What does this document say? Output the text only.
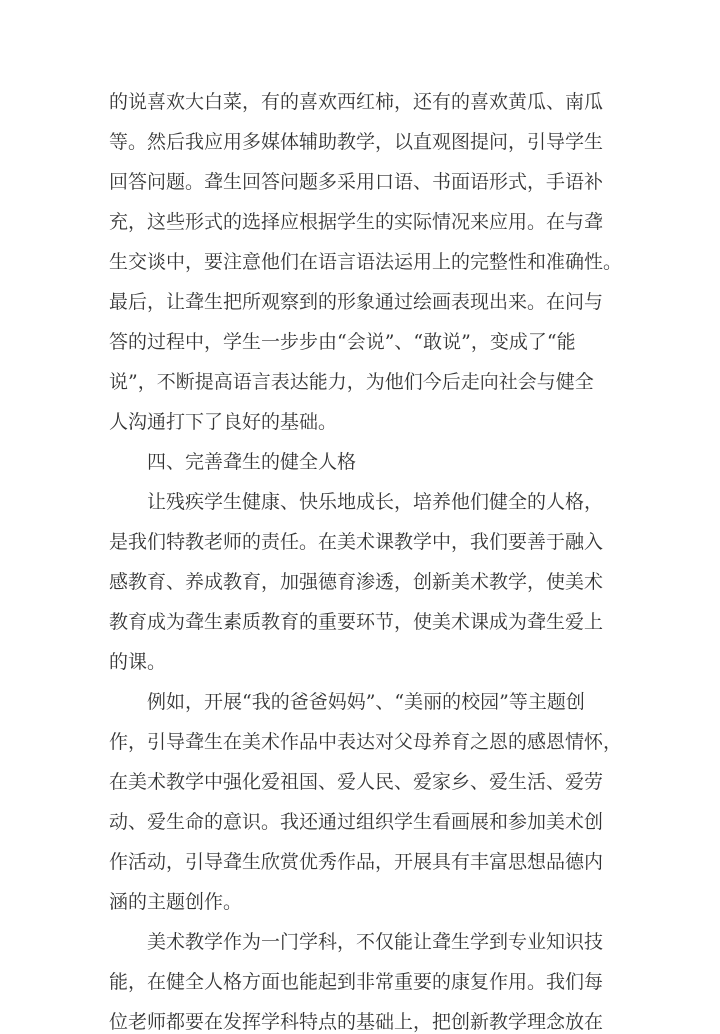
的说喜欢大白菜，有的喜欢西红柿，还有的喜欢黄瓜、南瓜
等。然后我应用多媒体辅助教学，以直观图提问，引导学生
回答问题。聋生回答问题多采用口语、书面语形式，手语补
充，这些形式的选择应根据学生的实际情况来应用。在与聋
生交谈中，要注意他们在语言语法运用上的完整性和准确性。
最后，让聋生把所观察到的形象通过绘画表现出来。在问与
答的过程中，学生一步步由“会说”、“敢说”，变成了“能
说”，不断提高语言表达能力，为他们今后走向社会与健全
人沟通打下了良好的基础。
四、完善聋生的健全人格
让残疾学生健康、快乐地成长，培养他们健全的人格，
是我们特教老师的责任。在美术课教学中，我们要善于融入
感教育、养成教育，加强德育渗透，创新美术教学，使美术
教育成为聋生素质教育的重要环节，使美术课成为聋生爱上
的课。
例如，开展“我的爸爸妈妈”、“美丽的校园”等主题创
作，引导聋生在美术作品中表达对父母养育之恩的感恩情怀，
在美术教学中强化爱祖国、爱人民、爱家乡、爱生活、爱劳
动、爱生命的意识。我还通过组织学生看画展和参加美术创
作活动，引导聋生欣赏优秀作品，开展具有丰富思想品德内
涵的主题创作。
美术教学作为一门学科，不仅能让聋生学到专业知识技
能，在健全人格方面也能起到非常重要的康复作用。我们每
位老师都要在发挥学科特点的基础上，把创新教学理念放在
